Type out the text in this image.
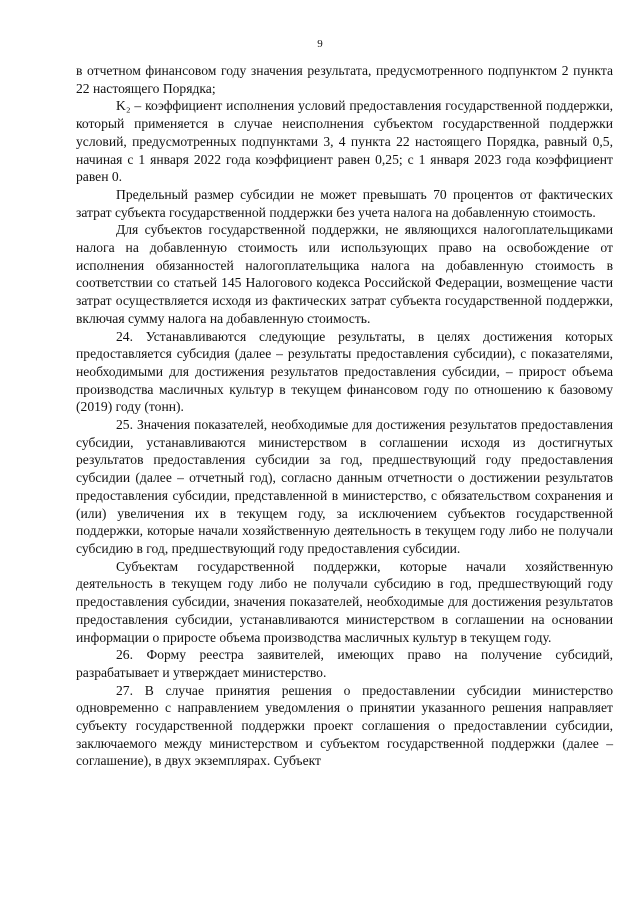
9

в отчетном финансовом году значения результата, предусмотренного подпунктом 2 пункта 22 настоящего Порядка;

K₂ – коэффициент исполнения условий предоставления государственной поддержки, который применяется в случае неисполнения субъектом государственной поддержки условий, предусмотренных подпунктами 3, 4 пункта 22 настоящего Порядка, равный 0,5, начиная с 1 января 2022 года коэффициент равен 0,25; с 1 января 2023 года коэффициент равен 0.

Предельный размер субсидии не может превышать 70 процентов от фактических затрат субъекта государственной поддержки без учета налога на добавленную стоимость.

Для субъектов государственной поддержки, не являющихся налогоплательщиками налога на добавленную стоимость или использующих право на освобождение от исполнения обязанностей налогоплательщика налога на добавленную стоимость в соответствии со статьей 145 Налогового кодекса Российской Федерации, возмещение части затрат осуществляется исходя из фактических затрат субъекта государственной поддержки, включая сумму налога на добавленную стоимость.

24. Устанавливаются следующие результаты, в целях достижения которых предоставляется субсидия (далее – результаты предоставления субсидии), с показателями, необходимыми для достижения результатов предоставления субсидии, – прирост объема производства масличных культур в текущем финансовом году по отношению к базовому (2019) году (тонн).

25. Значения показателей, необходимые для достижения результатов предоставления субсидии, устанавливаются министерством в соглашении исходя из достигнутых результатов предоставления субсидии за год, предшествующий году предоставления субсидии (далее – отчетный год), согласно данным отчетности о достижении результатов предоставления субсидии, представленной в министерство, с обязательством сохранения и (или) увеличения их в текущем году, за исключением субъектов государственной поддержки, которые начали хозяйственную деятельность в текущем году либо не получали субсидию в год, предшествующий году предоставления субсидии.

Субъектам государственной поддержки, которые начали хозяйственную деятельность в текущем году либо не получали субсидию в год, предшествующий году предоставления субсидии, значения показателей, необходимые для достижения результатов предоставления субсидии, устанавливаются министерством в соглашении на основании информации о приросте объема производства масличных культур в текущем году.

26. Форму реестра заявителей, имеющих право на получение субсидий, разрабатывает и утверждает министерство.

27. В случае принятия решения о предоставлении субсидии министерство одновременно с направлением уведомления о принятии указанного решения направляет субъекту государственной поддержки проект соглашения о предоставлении субсидии, заключаемого между министерством и субъектом государственной поддержки (далее – соглашение), в двух экземплярах. Субъект
